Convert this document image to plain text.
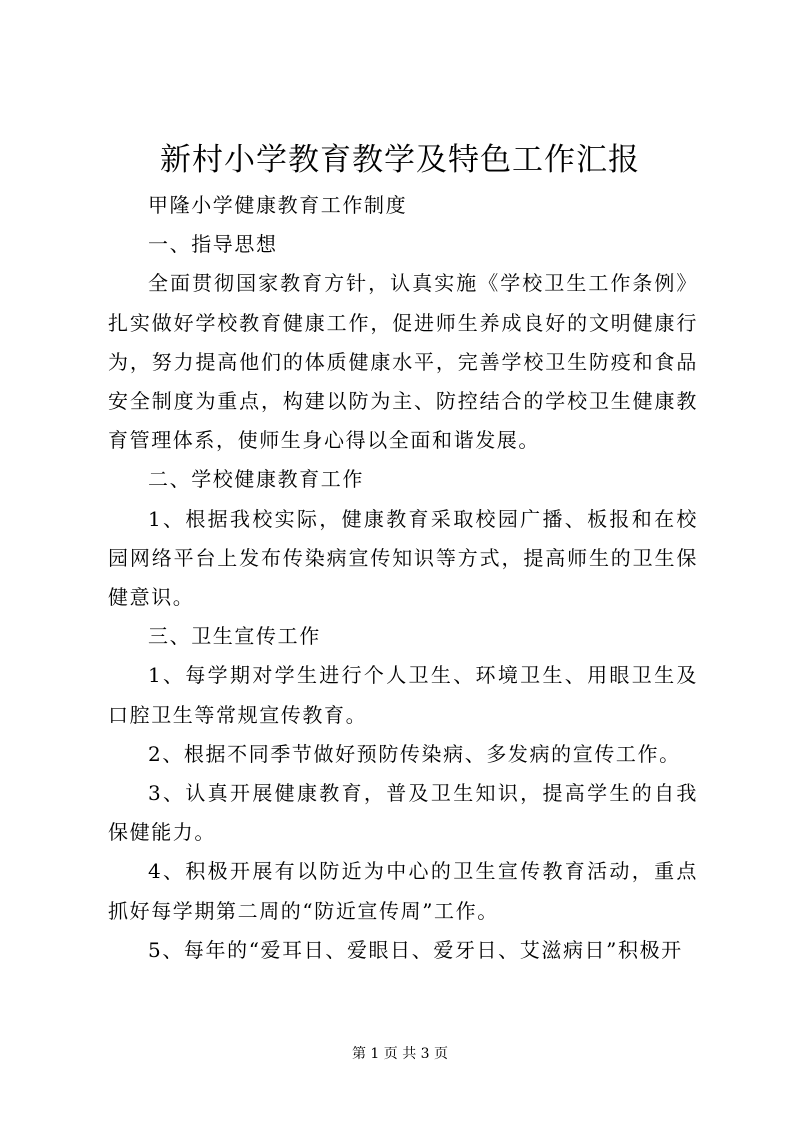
新村小学教育教学及特色工作汇报

甲隆小学健康教育工作制度

一、指导思想

全面贯彻国家教育方针，认真实施《学校卫生工作条例》扎实做好学校教育健康工作，促进师生养成良好的文明健康行为，努力提高他们的体质健康水平，完善学校卫生防疫和食品安全制度为重点，构建以防为主、防控结合的学校卫生健康教育管理体系，使师生身心得以全面和谐发展。

二、学校健康教育工作

1、根据我校实际，健康教育采取校园广播、板报和在校园网络平台上发布传染病宣传知识等方式，提高师生的卫生保健意识。

三、卫生宣传工作

1、每学期对学生进行个人卫生、环境卫生、用眼卫生及口腔卫生等常规宣传教育。

2、根据不同季节做好预防传染病、多发病的宣传工作。

3、认真开展健康教育，普及卫生知识，提高学生的自我保健能力。

4、积极开展有以防近为中心的卫生宣传教育活动，重点抓好每学期第二周的“防近宣传周”工作。

5、每年的“爱耳日、爱眼日、爱牙日、艾滋病日”积极开

第 1 页 共 3 页
